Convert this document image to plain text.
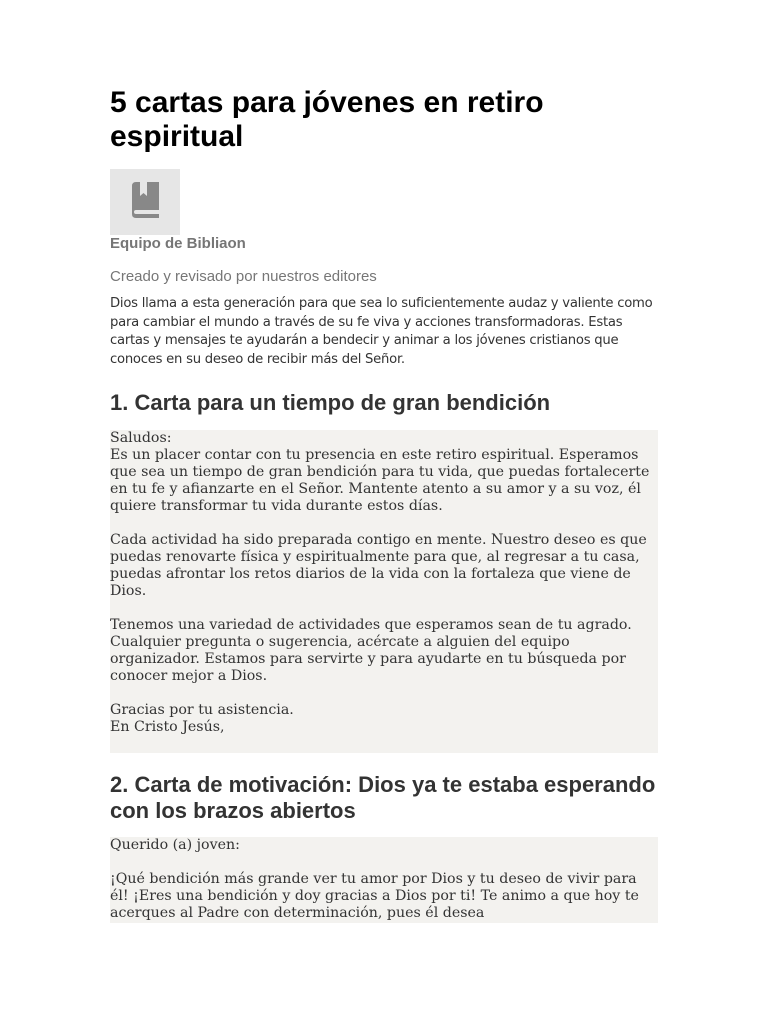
5 cartas para jóvenes en retiro espiritual
Equipo de Bibliaon
Creado y revisado por nuestros editores
Dios llama a esta generación para que sea lo suficientemente audaz y valiente como para cambiar el mundo a través de su fe viva y acciones transformadoras. Estas cartas y mensajes te ayudarán a bendecir y animar a los jóvenes cristianos que conoces en su deseo de recibir más del Señor.
1. Carta para un tiempo de gran bendición

Saludos:

Es un placer contar con tu presencia en este retiro espiritual. Esperamos que sea un tiempo de gran bendición para tu vida, que puedas fortalecerte en tu fe y afianzarte en el Señor. Mantente atento a su amor y a su voz, él quiere transformar tu vida durante estos días.

Cada actividad ha sido preparada contigo en mente. Nuestro deseo es que puedas renovarte física y espiritualmente para que, al regresar a tu casa, puedas afrontar los retos diarios de la vida con la fortaleza que viene de Dios.

Tenemos una variedad de actividades que esperamos sean de tu agrado. Cualquier pregunta o sugerencia, acércate a alguien del equipo organizador. Estamos para servirte y para ayudarte en tu búsqueda por conocer mejor a Dios.

Gracias por tu asistencia.

En Cristo Jesús,

2. Carta de motivación: Dios ya te estaba esperando con los brazos abiertos

Querido (a) joven:

¡Qué bendición más grande ver tu amor por Dios y tu deseo de vivir para él! ¡Eres una bendición y doy gracias a Dios por ti! Te animo a que hoy te acerques al Padre con determinación, pues él desea
